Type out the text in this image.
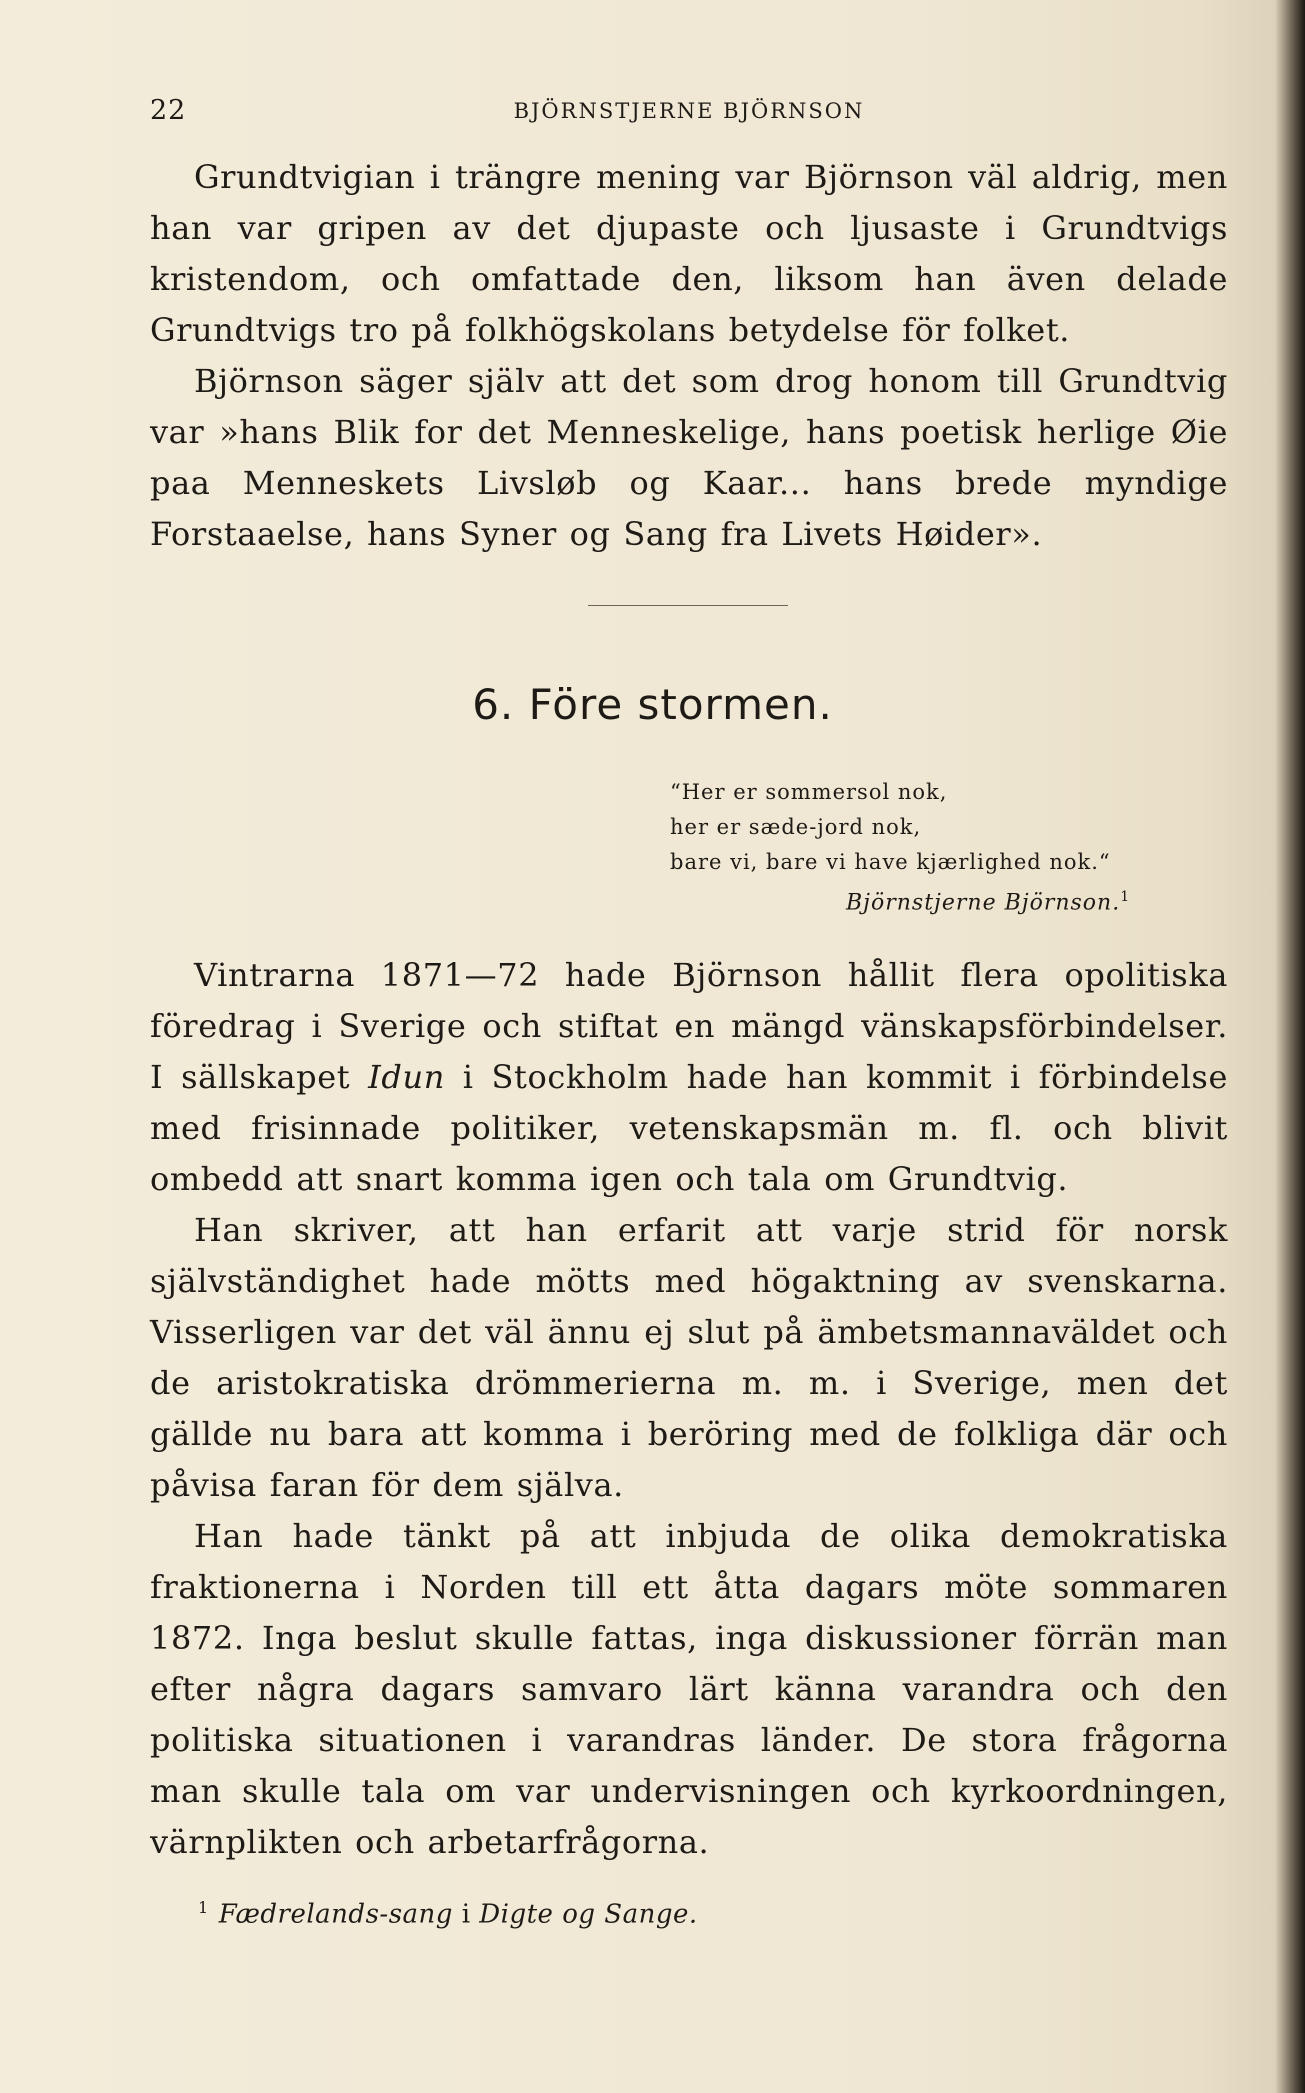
22	BJÖRNSTJERNE BJÖRNSON

Grundtvigian i trängre mening var Björnson väl aldrig, men han var gripen av det djupaste och ljusaste i Grundtvigs kristendom, och omfattade den, liksom han även delade Grundtvigs tro på folkhögskolans betydelse för folket.

Björnson säger själv att det som drog honom till Grundtvig var »hans Blik for det Menneskelige, hans poetisk herlige Øie paa Menneskets Livsløb og Kaar... hans brede myndige Forstaaelse, hans Syner og Sang fra Livets Høider».

6. Före stormen.
“Her er sommersol nok,
her er sæde-jord nok,
bare vi, bare vi have kjærlighed nok.“
Björnstjerne Björnson.$^1$

Vintrarna 1871—72 hade Björnson hållit flera opolitiska föredrag i Sverige och stiftat en mängd vänskapsförbindelser. I sällskapet Idun i Stockholm hade han kommit i förbindelse med frisinnade politiker, vetenskapsmän m. fl. och blivit ombedd att snart komma igen och tala om Grundtvig.

Han skriver, att han erfarit att varje strid för norsk självständighet hade mötts med högaktning av svenskarna. Visserligen var det väl ännu ej slut på ämbetsmannaväldet och de aristokratiska drömmerierna m. m. i Sverige, men det gällde nu bara att komma i beröring med de folkliga där och påvisa faran för dem själva.

Han hade tänkt på att inbjuda de olika demokratiska fraktionerna i Norden till ett åtta dagars möte sommaren 1872. Inga beslut skulle fattas, inga diskussioner förrän man efter några dagars samvaro lärt känna varandra och den politiska situationen i varandras länder. De stora frågorna man skulle tala om var undervisningen och kyrkoordningen, värnplikten och arbetarfrågorna.

$^1$ Fædrelands-sang i Digte og Sange.
